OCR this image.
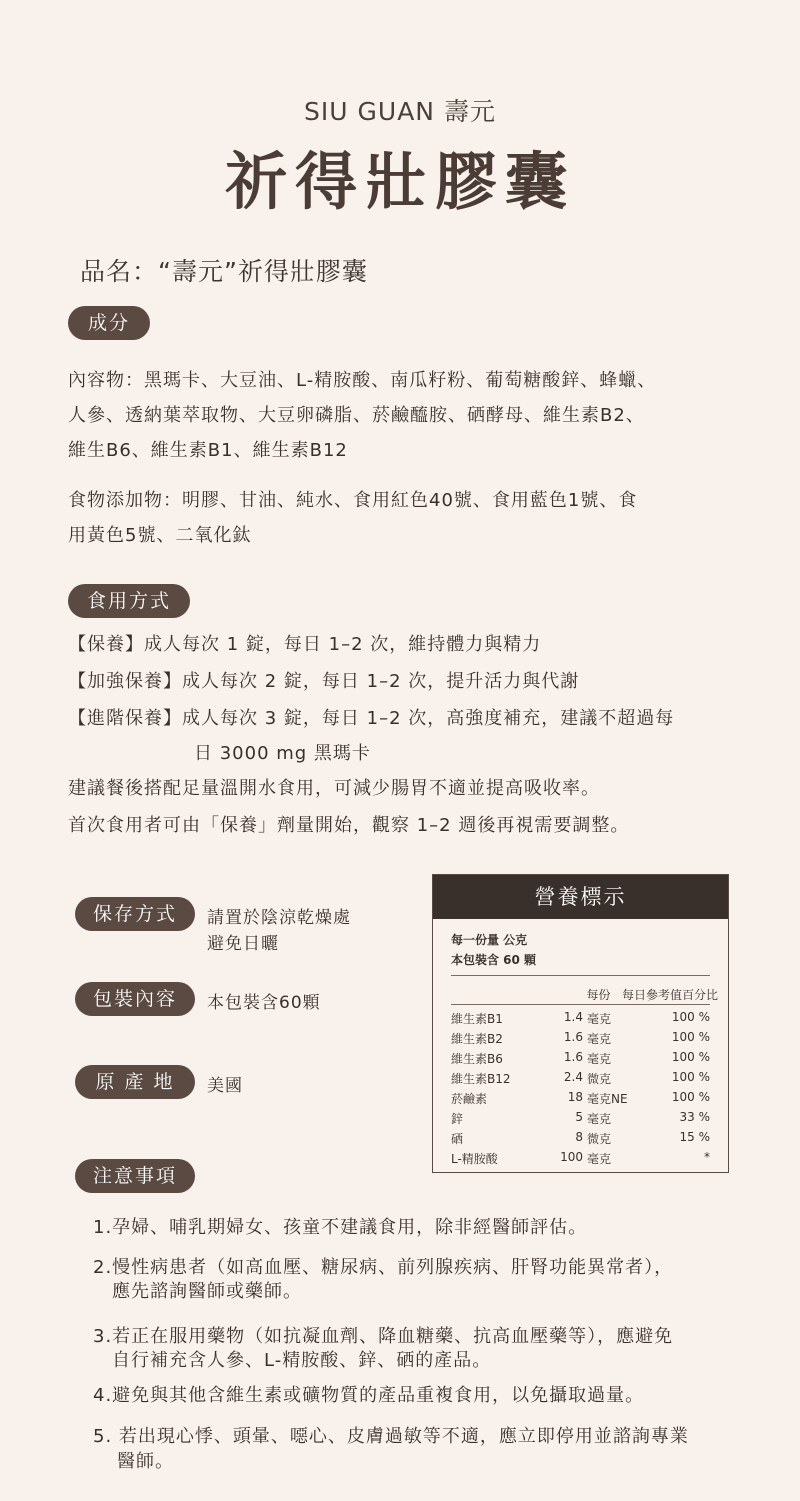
SIU GUAN 壽元
祈得壯膠囊
品名：“壽元”祈得壯膠囊
成分
內容物：黑瑪卡、大豆油、L-精胺酸、南瓜籽粉、葡萄糖酸鋅、蜂蠟、
人參、透納葉萃取物、大豆卵磷脂、菸鹼醯胺、硒酵母、維生素B2、
維生B6、維生素B1、維生素B12
食物添加物：明膠、甘油、純水、食用紅色40號、食用藍色1號、食
用黃色5號、二氧化鈦
食用方式
【保養】成人每次 1 錠，每日 1–2 次，維持體力與精力
【加強保養】成人每次 2 錠，每日 1–2 次，提升活力與代謝
【進階保養】成人每次 3 錠，每日 1–2 次，高強度補充，建議不超過每
日 3000 mg 黑瑪卡
建議餐後搭配足量溫開水食用，可減少腸胃不適並提高吸收率。
首次食用者可由「保養」劑量開始，觀察 1–2 週後再視需要調整。
保存方式	請置於陰涼乾燥處
避免日曬
包裝內容	本包裝含60顆
原 產 地	美國
營養標示
每一份量 公克
本包裝含 60 顆
每份 每日參考值百分比
維生素B1	1.4 毫克	100 %
維生素B2	1.6 毫克	100 %
維生素B6	1.6 毫克	100 %
維生素B12	2.4 微克	100 %
菸鹼素	18 毫克NE	100 %
鋅	5 毫克	33 %
硒	8 微克	15 %
L-精胺酸	100 毫克	*
注意事項
1.孕婦、哺乳期婦女、孩童不建議食用，除非經醫師評估。
2.慢性病患者（如高血壓、糖尿病、前列腺疾病、肝腎功能異常者），
應先諮詢醫師或藥師。
3.若正在服用藥物（如抗凝血劑、降血糖藥、抗高血壓藥等），應避免
自行補充含人參、L-精胺酸、鋅、硒的產品。
4.避免與其他含維生素或礦物質的產品重複食用，以免攝取過量。
5. 若出現心悸、頭暈、噁心、皮膚過敏等不適，應立即停用並諮詢專業
醫師。
